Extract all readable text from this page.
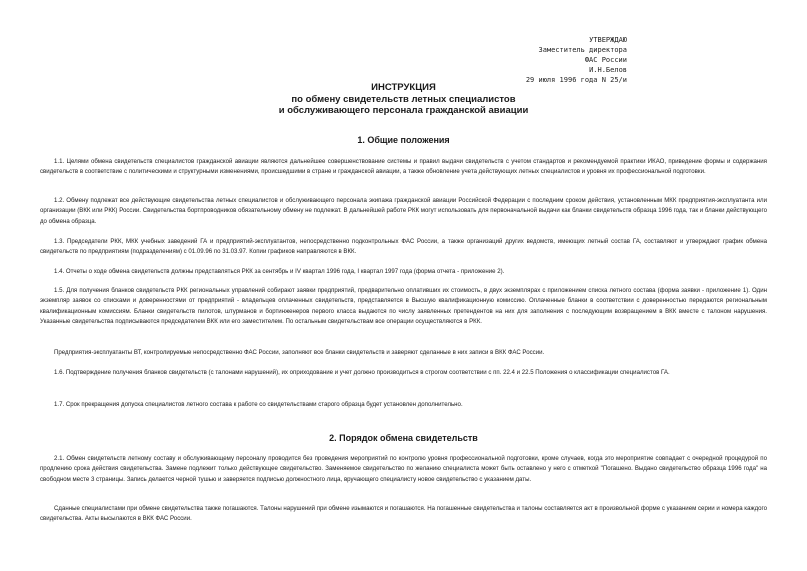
УТВЕРЖДАЮ
Заместитель директора
ФАС России
И.Н.Белов
29 июля 1996 года N 25/и
ИНСТРУКЦИЯ
по обмену свидетельств летных специалистов
и обслуживающего персонала гражданской авиации
1. Общие положения
1.1. Целями обмена свидетельств специалистов гражданской авиации являются дальнейшее совершенствование системы и правил выдачи свидетельств с учетом стандартов и рекомендуемой практики ИКАО, приведение формы и содержания свидетельств в соответствие с политическими и структурными изменениями, происшедшими в стране и гражданской авиации, а также обновление учета действующих летных специалистов и уровня их профессиональной подготовки.
1.2. Обмену подлежат все действующие свидетельства летных специалистов и обслуживающего персонала экипажа гражданской авиации Российской Федерации с последним сроком действия, установленным МКК предприятия-эксплуатанта или организации (ВКК или РКК) России. Свидетельства бортпроводников обязательному обмену не подлежат. В дальнейшей работе РКК могут использовать для первоначальной выдачи как бланки свидетельств образца 1996 года, так и бланки действующего до обмена образца.
1.3. Председатели РКК, МКК учебных заведений ГА и предприятий-эксплуатантов, непосредственно подконтрольных ФАС России, а также организаций других ведомств, имеющих летный состав ГА, составляют и утверждают график обмена свидетельств по предприятиям (подразделениям) с 01.09.96 по 31.03.97. Копии графиков направляются в ВКК.
1.4. Отчеты о ходе обмена свидетельств должны представляться РКК за сентябрь и IV квартал 1996 года, I квартал 1997 года (форма отчета - приложение 2).
1.5. Для получения бланков свидетельств РКК региональных управлений собирают заявки предприятий, предварительно оплативших их стоимость, в двух экземплярах с приложением списка летного состава (форма заявки - приложение 1). Один экземпляр заявок со списками и доверенностями от предприятий - владельцев оплаченных свидетельств, представляется в Высшую квалификационную комиссию. Оплаченные бланки в соответствии с доверенностью передаются региональным квалификационным комиссиям. Бланки свидетельств пилотов, штурманов и бортинженеров первого класса выдаются по числу заявленных претендентов на них для заполнения с последующим возвращением в ВКК вместе с талоном нарушения. Указанные свидетельства подписываются председателем ВКК или его заместителем. По остальным свидетельствам все операции осуществляются в РКК.
Предприятия-эксплуатанты ВТ, контролируемые непосредственно ФАС России, заполняют все бланки свидетельств и заверяют сделанные в них записи в ВКК ФАС России.
1.6. Подтверждение получения бланков свидетельств (с талонами нарушений), их оприходование и учет должно производиться в строгом соответствии с пп. 22.4 и 22.5 Положения о классификации специалистов ГА.
1.7. Срок прекращения допуска специалистов летного состава к работе со свидетельствами старого образца будет установлен дополнительно.
2. Порядок обмена свидетельств
2.1. Обмен свидетельств летному составу и обслуживающему персоналу проводится без проведения мероприятий по контролю уровня профессиональной подготовки, кроме случаев, когда это мероприятие совпадает с очередной процедурой по продлению срока действия свидетельства. Замене подлежит только действующее свидетельство. Заменяемое свидетельство по желанию специалиста может быть оставлено у него с отметкой "Погашено. Выдано свидетельство образца 1996 года" на свободном месте 3 страницы. Запись делается черной тушью и заверяется подписью должностного лица, вручающего специалисту новое свидетельство с указанием даты.
Сданные специалистами при обмене свидетельства также погашаются. Талоны нарушений при обмене изымаются и погашаются. На погашенные свидетельства и талоны составляется акт в произвольной форме с указанием серии и номера каждого свидетельства. Акты высылаются в ВКК ФАС России.
